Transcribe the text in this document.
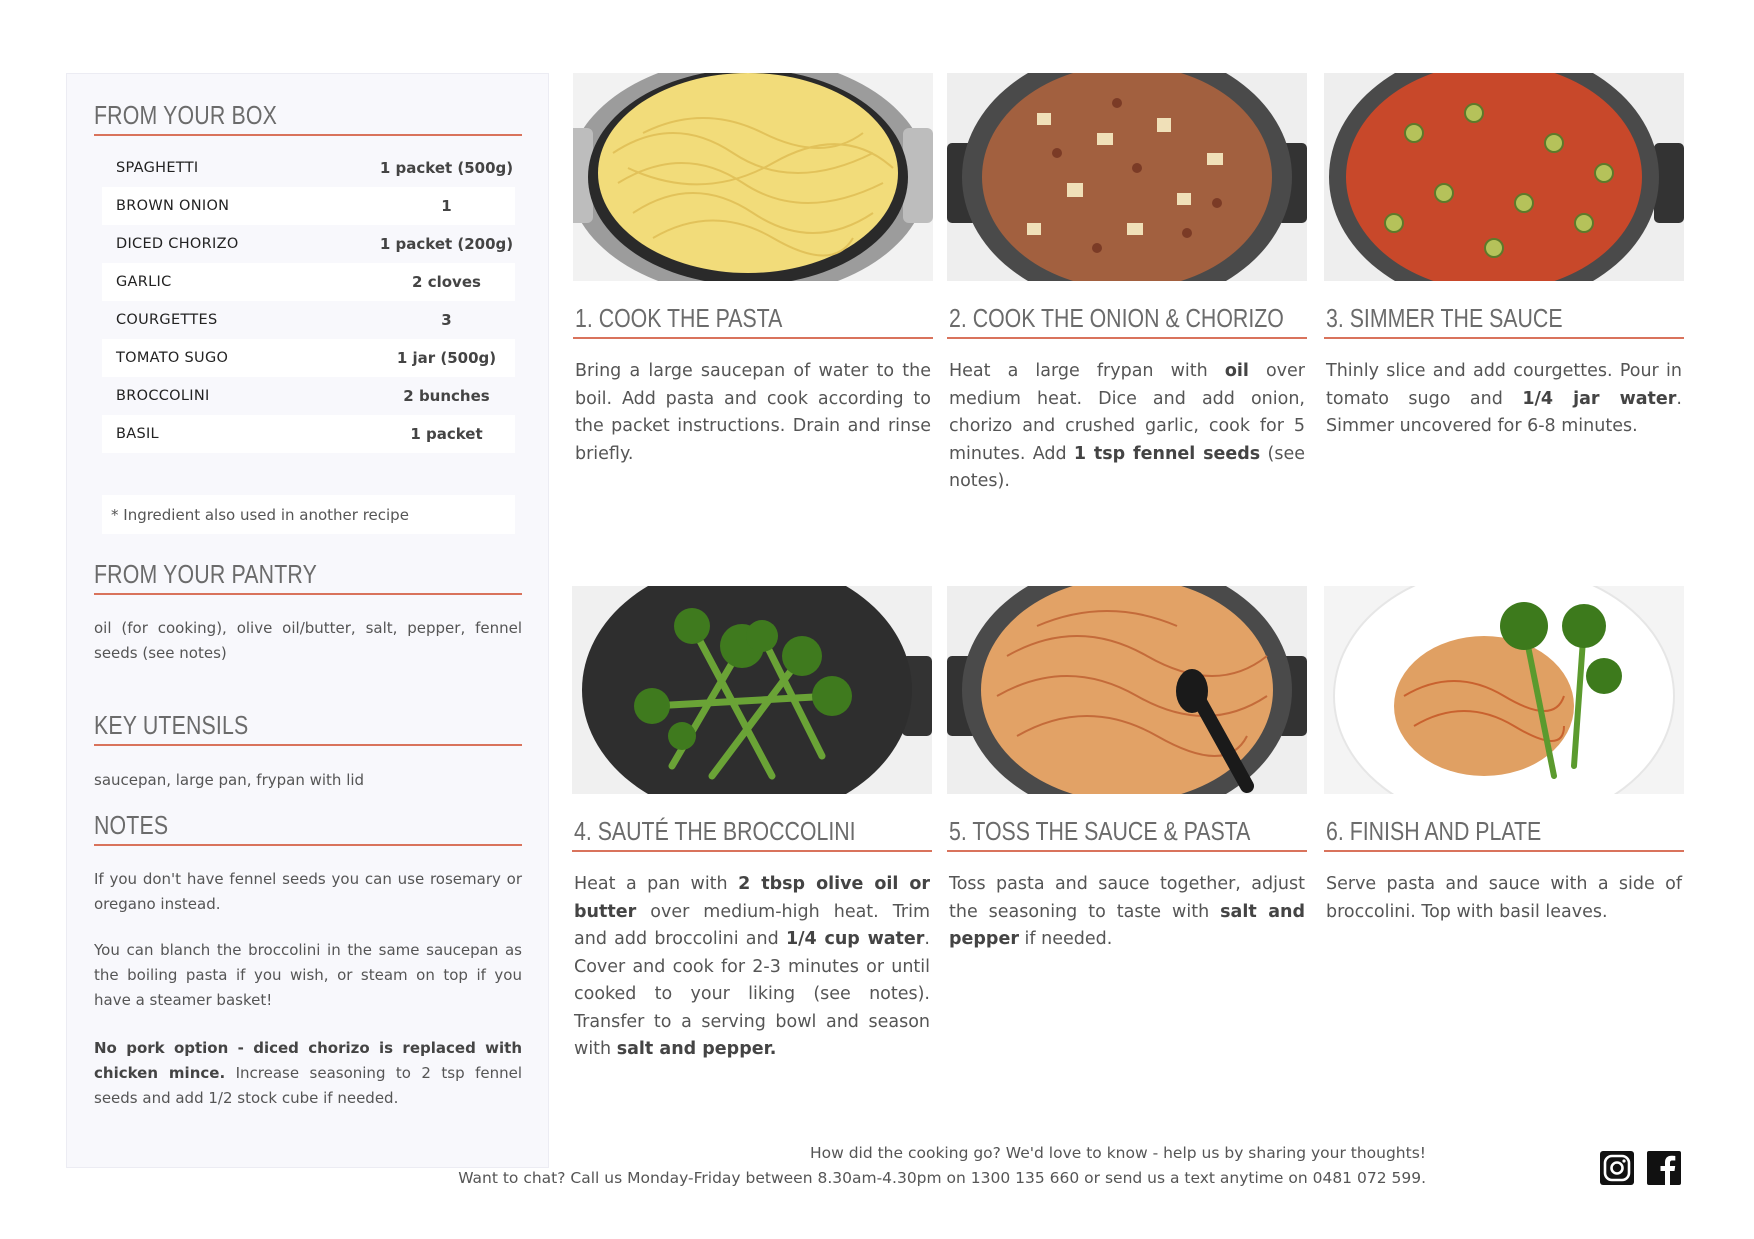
FROM YOUR BOX
SPAGHETTI	1 packet (500g)
BROWN ONION	1
DICED CHORIZO	1 packet (200g)
GARLIC	2 cloves
COURGETTES	3
TOMATO SUGO	1 jar (500g)
BROCCOLINI	2 bunches
BASIL	1 packet
* Ingredient also used in another recipe
FROM YOUR PANTRY
oil (for cooking), olive oil/butter, salt, pepper, fennel seeds (see notes)
KEY UTENSILS
saucepan, large pan, frypan with lid
NOTES
If you don't have fennel seeds you can use rosemary or oregano instead.
You can blanch the broccolini in the same saucepan as the boiling pasta if you wish, or steam on top if you have a steamer basket!
No pork option - diced chorizo is replaced with chicken mince. Increase seasoning to 2 tsp fennel seeds and add 1/2 stock cube if needed.
1. COOK THE PASTA
Bring a large saucepan of water to the boil. Add pasta and cook according to the packet instructions. Drain and rinse briefly.
2. COOK THE ONION & CHORIZO
Heat a large frypan with oil over medium heat. Dice and add onion, chorizo and crushed garlic, cook for 5 minutes. Add 1 tsp fennel seeds (see notes).
3. SIMMER THE SAUCE
Thinly slice and add courgettes. Pour in tomato sugo and 1/4 jar water. Simmer uncovered for 6-8 minutes.
4. SAUTÉ THE BROCCOLINI
Heat a pan with 2 tbsp olive oil or butter over medium-high heat. Trim and add broccolini and 1/4 cup water. Cover and cook for 2-3 minutes or until cooked to your liking (see notes). Transfer to a serving bowl and season with salt and pepper.
5. TOSS THE SAUCE & PASTA
Toss pasta and sauce together, adjust the seasoning to taste with salt and pepper if needed.
6. FINISH AND PLATE
Serve pasta and sauce with a side of broccolini. Top with basil leaves.
How did the cooking go? We'd love to know - help us by sharing your thoughts!
Want to chat? Call us Monday-Friday between 8.30am-4.30pm on 1300 135 660 or send us a text anytime on 0481 072 599.
